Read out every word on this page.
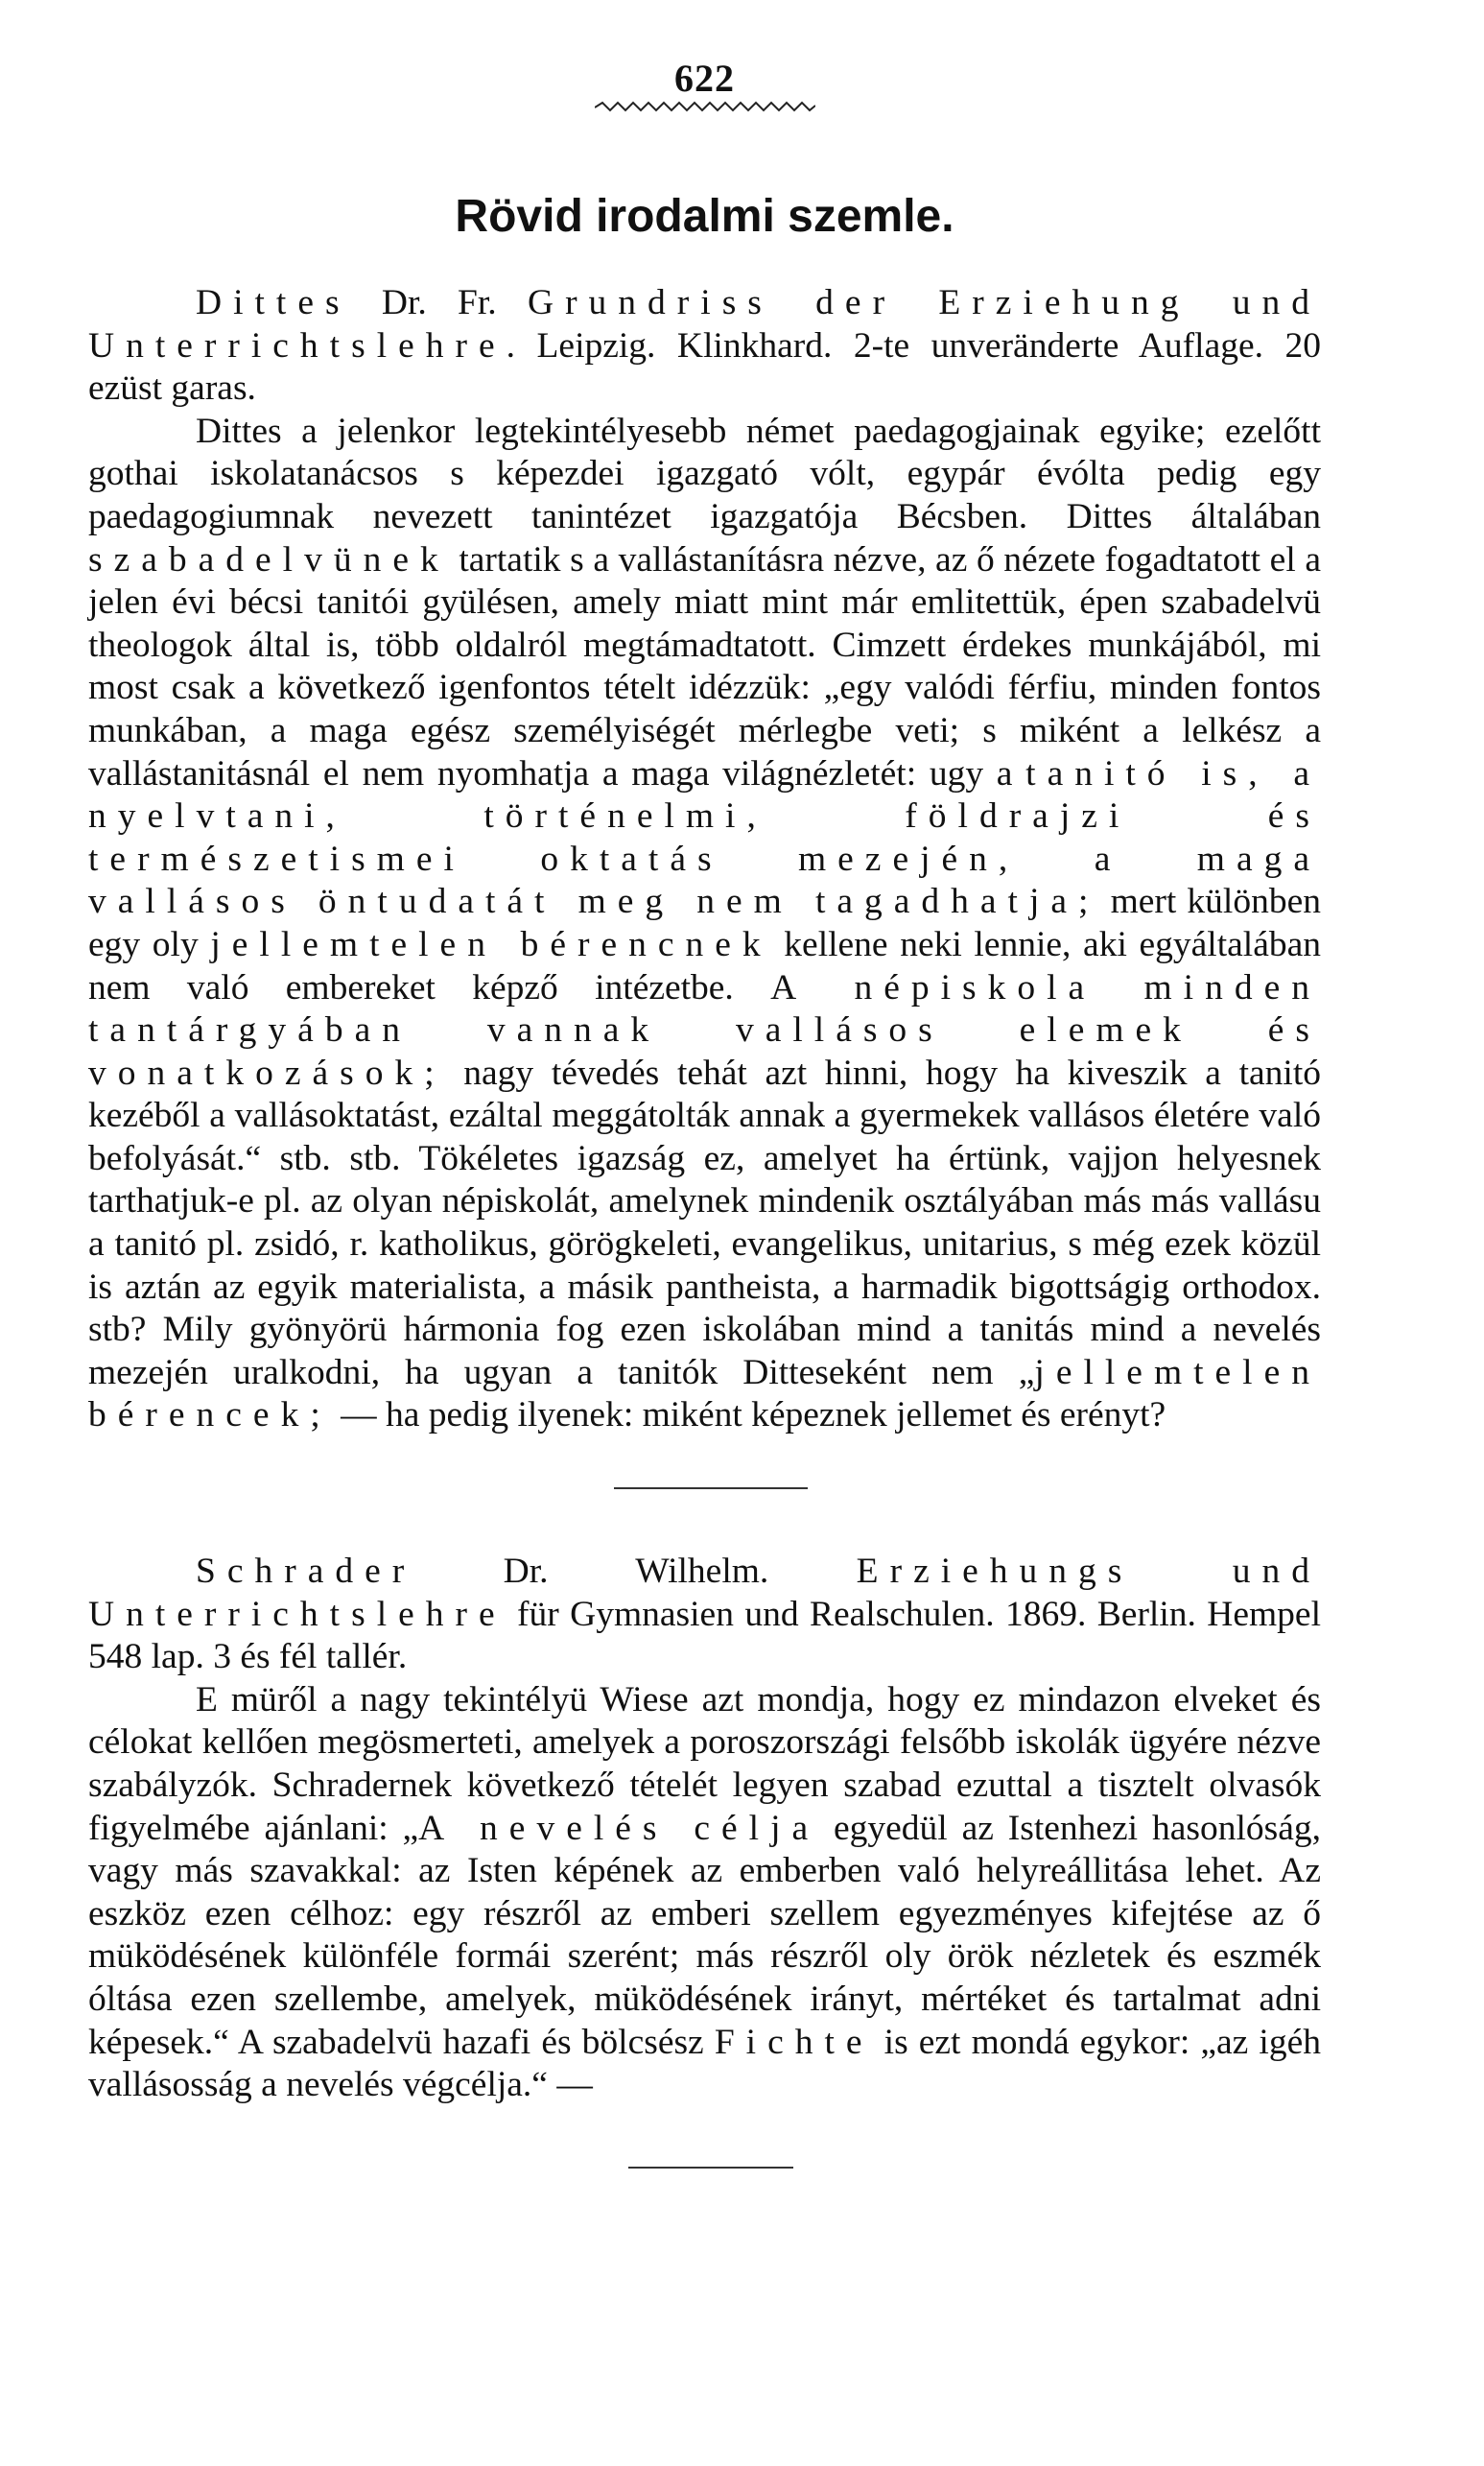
622
Rövid irodalmi szemle.

Dittes Dr. Fr. Grundriss der Erziehung und Unterrichtslehre. Leipzig. Klinkhard. 2-te unveränderte Auflage. 20 ezüst garas.

Dittes a jelenkor legtekintélyesebb német paedagogjainak egyike; ezelőtt gothai iskolatanácsos s képezdei igazgató vólt, egypár évólta pedig egy paedagogiumnak nevezett tanintézet igazgatója Bécsben. Dittes általában szabadelvünek tartatik s a vallástanításra nézve, az ő nézete fogadtatott el a jelen évi bécsi tanitói gyülésen, amely miatt mint már emlitettük, épen szabadelvü theologok által is, több oldalról megtámadtatott. Cimzett érdekes munkájából, mi most csak a következő igenfontos tételt idézzük: „egy valódi férfiu, minden fontos munkában, a maga egész személyiségét mérlegbe veti; s miként a lelkész a vallástanitásnál el nem nyomhatja a maga világnézletét: ugy a tanitó is, a nyelvtani, történelmi, földrajzi és természetismei oktatás mezején, a maga vallásos öntudatát meg nem tagadhatja; mert különben egy oly jellemtelen bérencnek kellene neki lennie, aki egyáltalában nem való embereket képző intézetbe. A népiskola minden tantárgyában vannak vallásos elemek és vonatkozások; nagy tévedés tehát azt hinni, hogy ha kiveszik a tanitó kezéből a vallásoktatást, ezáltal meggátolták annak a gyermekek vallásos életére való befolyását.“ stb. stb. Tökéletes igazság ez, amelyet ha értünk, vajjon helyesnek tarthatjuk-e pl. az olyan népiskolát, amelynek mindenik osztályában más más vallásu a tanitó pl. zsidó, r. katholikus, görögkeleti, evangelikus, unitarius, s még ezek közül is aztán az egyik materialista, a másik pantheista, a harmadik bigottságig orthodox. stb? Mily gyönyörü hármonia fog ezen iskolában mind a tanitás mind a nevelés mezején uralkodni, ha ugyan a tanitók Ditteseként nem „jellemtelen bérencek; — ha pedig ilyenek: miként képeznek jellemet és erényt?

Schrader Dr. Wilhelm. Erziehungs und Unterrichtslehre für Gymnasien und Realschulen. 1869. Berlin. Hempel 548 lap. 3 és fél tallér.

E müről a nagy tekintélyü Wiese azt mondja, hogy ez mindazon elveket és célokat kellően megösmerteti, amelyek a poroszországi felsőbb iskolák ügyére nézve szabályzók. Schradernek következő tételét legyen szabad ezuttal a tisztelt olvasók figyelmébe ajánlani: „A nevelés célja egyedül az Istenhezi hasonlóság, vagy más szavakkal: az Isten képének az emberben való helyreállitása lehet. Az eszköz ezen célhoz: egy részről az emberi szellem egyezményes kifejtése az ő müködésének különféle formái szerént; más részről oly örök nézletek és eszmék óltása ezen szellembe, amelyek, müködésének irányt, mértéket és tartalmat adni képesek.“ A szabadelvü hazafi és bölcsész Fichte is ezt mondá egykor: „az igéh vallásosság a nevelés végcélja.“ —
